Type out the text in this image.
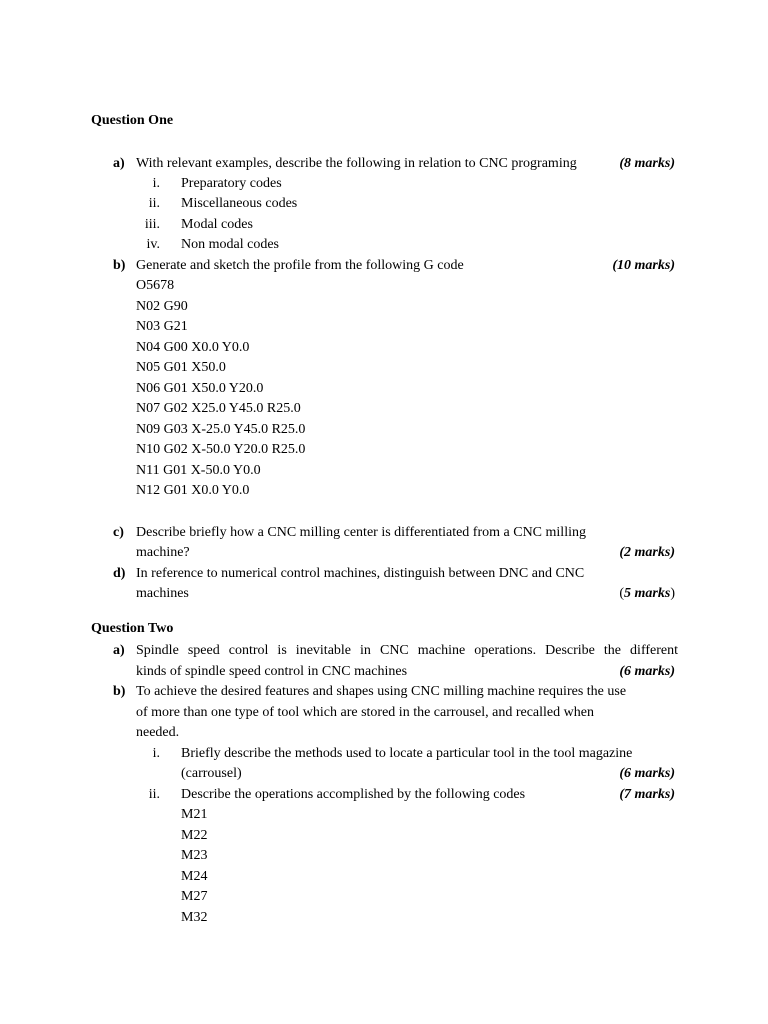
Question One
a) With relevant examples, describe the following in relation to CNC programing	(8 marks)
i. Preparatory codes
ii. Miscellaneous codes
iii. Modal codes
iv. Non modal codes
b) Generate and sketch the profile from the following G code	(10 marks)
O5678
N02 G90
N03 G21
N04 G00 X0.0 Y0.0
N05 G01 X50.0
N06 G01 X50.0 Y20.0
N07 G02 X25.0 Y45.0 R25.0
N09 G03 X-25.0 Y45.0 R25.0
N10 G02 X-50.0 Y20.0 R25.0
N11 G01 X-50.0 Y0.0
N12 G01 X0.0 Y0.0
c) Describe briefly how a CNC milling center is differentiated from a CNC milling
machine?	(2 marks)
d) In reference to numerical control machines, distinguish between DNC and CNC
machines	(5 marks)
Question Two
a) Spindle speed control is inevitable in CNC machine operations. Describe the different
kinds of spindle speed control in CNC machines	(6 marks)
b) To achieve the desired features and shapes using CNC milling machine requires the use
of more than one type of tool which are stored in the carrousel, and recalled when
needed.
i. Briefly describe the methods used to locate a particular tool in the tool magazine
(carrousel)	(6 marks)
ii. Describe the operations accomplished by the following codes	(7 marks)
M21
M22
M23
M24
M27
M32
